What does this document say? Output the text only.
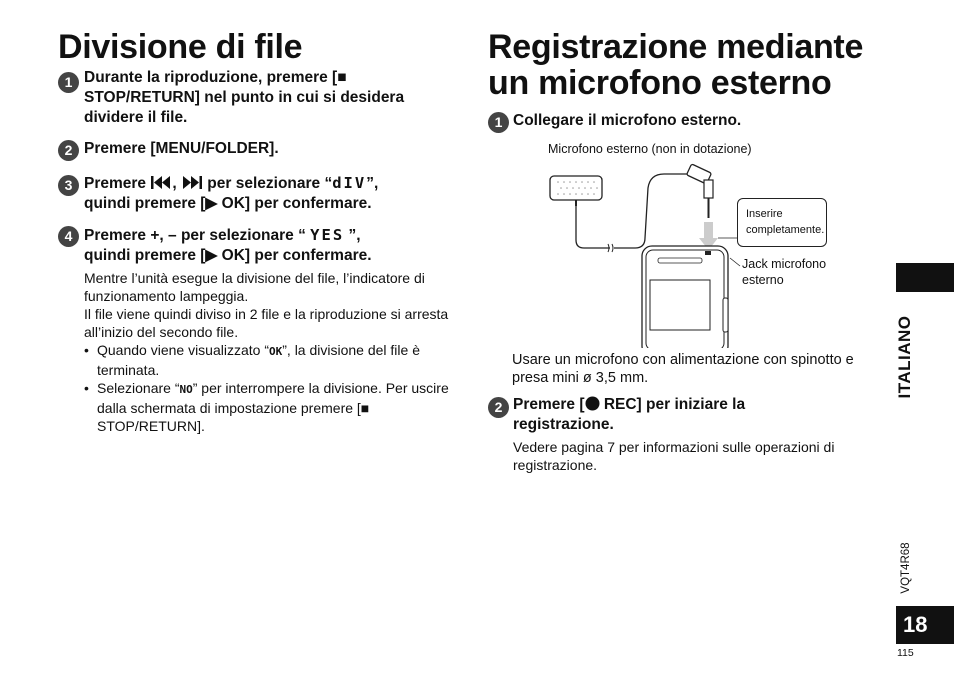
Divisione di file
1 Durante la riproduzione, premere [■ STOP/RETURN] nel punto in cui si desidera dividere il file.
2 Premere [MENU/FOLDER].
3 Premere ,  per selezionare “dIV”,
quindi premere [▶ OK] per confermare.
4 Premere +, – per selezionare “ YES ”,
quindi premere [▶ OK] per confermare.
Mentre l’unità esegue la divisione del file, l’indicatore di funzionamento lampeggia.
Il file viene quindi diviso in 2 file e la riproduzione si arresta all’inizio del secondo file.
• Quando viene visualizzato “OK”, la divisione del file è terminata.
• Selezionare “NO” per interrompere la divisione. Per uscire dalla schermata di impostazione premere [■ STOP/RETURN].
Registrazione mediante
un microfono esterno
1 Collegare il microfono esterno.
Microfono esterno (non in dotazione)
Inserire completamente.
Jack microfono esterno
Usare un microfono con alimentazione con spinotto e presa mini ø 3,5 mm.
2 Premere [ REC] per iniziare la registrazione.
Vedere pagina 7 per informazioni sulle operazioni di registrazione.
ITALIANO
VQT4R68
18
115
